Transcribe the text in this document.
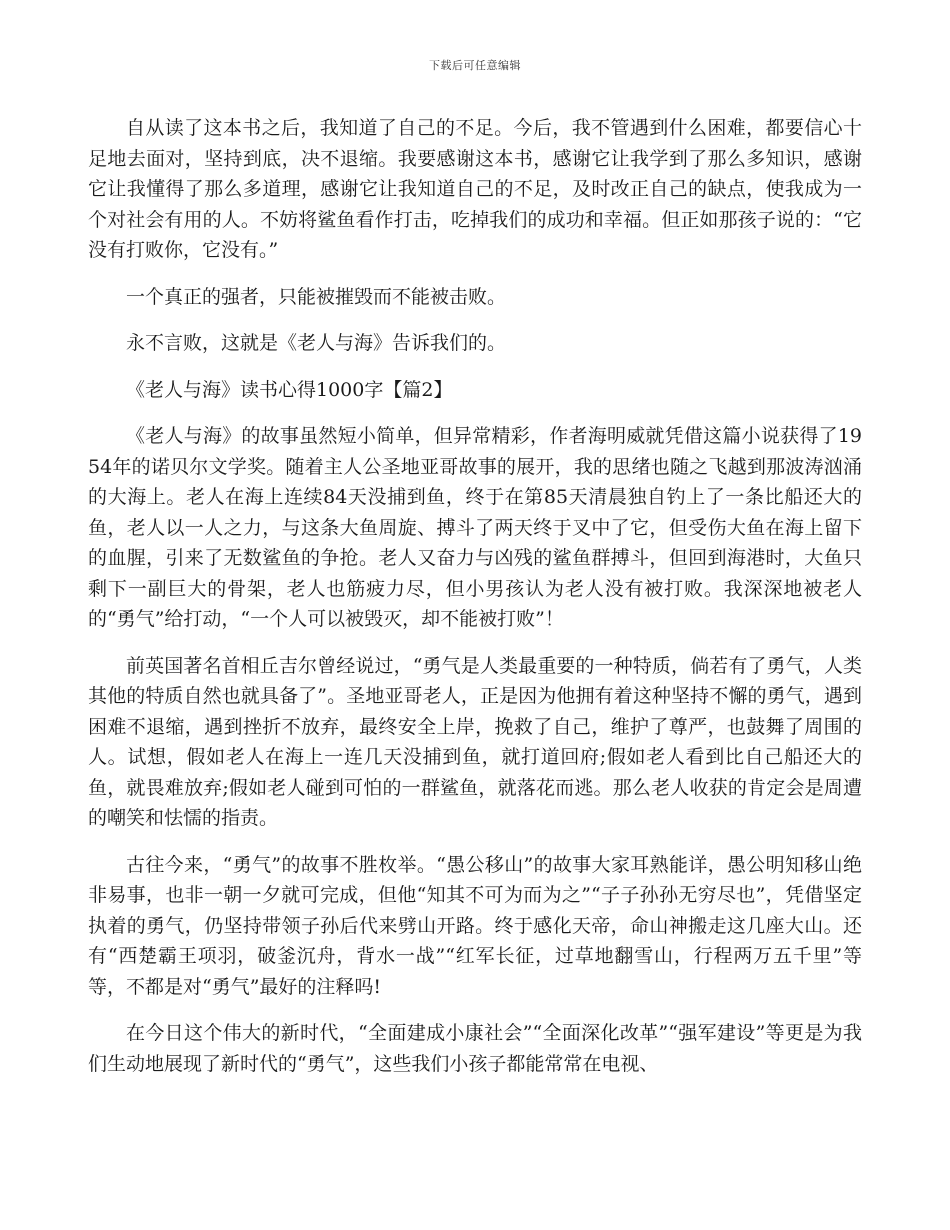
下载后可任意编辑

自从读了这本书之后，我知道了自己的不足。今后，我不管遇到什么困难，都要信心十足地去面对，坚持到底，决不退缩。我要感谢这本书，感谢它让我学到了那么多知识，感谢它让我懂得了那么多道理，感谢它让我知道自己的不足，及时改正自己的缺点，使我成为一个对社会有用的人。不妨将鲨鱼看作打击，吃掉我们的成功和幸福。但正如那孩子说的：“它没有打败你，它没有。”

一个真正的强者，只能被摧毁而不能被击败。

永不言败，这就是《老人与海》告诉我们的。

《老人与海》读书心得1000字【篇2】

《老人与海》的故事虽然短小简单，但异常精彩，作者海明威就凭借这篇小说获得了1954年的诺贝尔文学奖。随着主人公圣地亚哥故事的展开，我的思绪也随之飞越到那波涛汹涌的大海上。老人在海上连续84天没捕到鱼，终于在第85天清晨独自钓上了一条比船还大的鱼，老人以一人之力，与这条大鱼周旋、搏斗了两天终于叉中了它，但受伤大鱼在海上留下的血腥，引来了无数鲨鱼的争抢。老人又奋力与凶残的鲨鱼群搏斗，但回到海港时，大鱼只剩下一副巨大的骨架，老人也筋疲力尽，但小男孩认为老人没有被打败。我深深地被老人的“勇气”给打动，“一个人可以被毁灭，却不能被打败”！

前英国著名首相丘吉尔曾经说过，“勇气是人类最重要的一种特质，倘若有了勇气，人类其他的特质自然也就具备了”。圣地亚哥老人，正是因为他拥有着这种坚持不懈的勇气，遇到困难不退缩，遇到挫折不放弃，最终安全上岸，挽救了自己，维护了尊严，也鼓舞了周围的人。试想，假如老人在海上一连几天没捕到鱼，就打道回府;假如老人看到比自己船还大的鱼，就畏难放弃;假如老人碰到可怕的一群鲨鱼，就落花而逃。那么老人收获的肯定会是周遭的嘲笑和怯懦的指责。

古往今来，“勇气”的故事不胜枚举。“愚公移山”的故事大家耳熟能详，愚公明知移山绝非易事，也非一朝一夕就可完成，但他“知其不可为而为之”“子子孙孙无穷尽也”，凭借坚定执着的勇气，仍坚持带领子孙后代来劈山开路。终于感化天帝，命山神搬走这几座大山。还有“西楚霸王项羽，破釜沉舟，背水一战”“红军长征，过草地翻雪山，行程两万五千里”等等，不都是对“勇气”最好的注释吗!

在今日这个伟大的新时代，“全面建成小康社会”“全面深化改革”“强军建设”等更是为我们生动地展现了新时代的“勇气”，这些我们小孩子都能常常在电视、
